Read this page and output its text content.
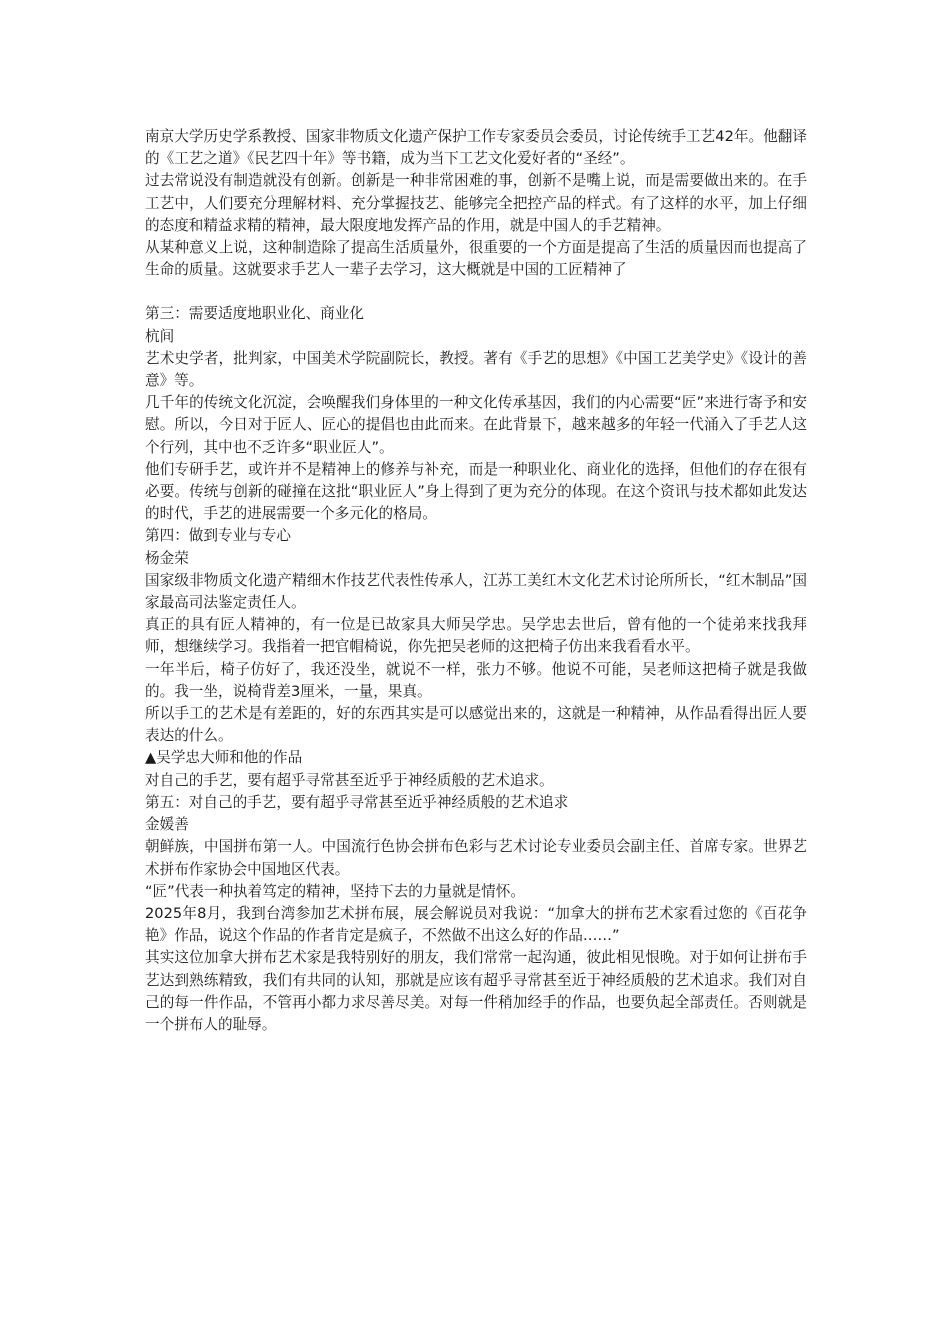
南京大学历史学系教授、国家非物质文化遗产保护工作专家委员会委员，讨论传统手工艺42年。他翻译的《工艺之道》《民艺四十年》等书籍，成为当下工艺文化爱好者的“圣经”。

过去常说没有制造就没有创新。创新是一种非常困难的事，创新不是嘴上说，而是需要做出来的。在手工艺中，人们要充分理解材料、充分掌握技艺、能够完全把控产品的样式。有了这样的水平，加上仔细的态度和精益求精的精神，最大限度地发挥产品的作用，就是中国人的手艺精神。

从某种意义上说，这种制造除了提高生活质量外，很重要的一个方面是提高了生活的质量因而也提高了生命的质量。这就要求手艺人一辈子去学习，这大概就是中国的工匠精神了

第三：需要适度地职业化、商业化

杭间

艺术史学者，批判家，中国美术学院副院长，教授。著有《手艺的思想》《中国工艺美学史》《设计的善意》等。

几千年的传统文化沉淀，会唤醒我们身体里的一种文化传承基因，我们的内心需要“匠”来进行寄予和安慰。所以，今日对于匠人、匠心的提倡也由此而来。在此背景下，越来越多的年轻一代涌入了手艺人这个行列，其中也不乏许多“职业匠人”。

他们专研手艺，或许并不是精神上的修养与补充，而是一种职业化、商业化的选择，但他们的存在很有必要。传统与创新的碰撞在这批“职业匠人”身上得到了更为充分的体现。在这个资讯与技术都如此发达的时代，手艺的进展需要一个多元化的格局。

第四：做到专业与专心

杨金荣

国家级非物质文化遗产精细木作技艺代表性传承人，江苏工美红木文化艺术讨论所所长，“红木制品”国家最高司法鉴定责任人。

真正的具有匠人精神的，有一位是已故家具大师吴学忠。吴学忠去世后，曾有他的一个徒弟来找我拜师，想继续学习。我指着一把官帽椅说，你先把吴老师的这把椅子仿出来我看看水平。

一年半后，椅子仿好了，我还没坐，就说不一样，张力不够。他说不可能，吴老师这把椅子就是我做的。我一坐，说椅背差3厘米，一量，果真。

所以手工的艺术是有差距的，好的东西其实是可以感觉出来的，这就是一种精神，从作品看得出匠人要表达的什么。

▲吴学忠大师和他的作品

对自己的手艺，要有超乎寻常甚至近乎于神经质般的艺术追求。

第五：对自己的手艺，要有超乎寻常甚至近乎神经质般的艺术追求

金媛善

朝鲜族，中国拼布第一人。中国流行色协会拼布色彩与艺术讨论专业委员会副主任、首席专家。世界艺术拼布作家协会中国地区代表。

“匠”代表一种执着笃定的精神，坚持下去的力量就是情怀。

2025年8月，我到台湾参加艺术拼布展，展会解说员对我说：“加拿大的拼布艺术家看过您的《百花争艳》作品，说这个作品的作者肯定是疯子，不然做不出这么好的作品……”

其实这位加拿大拼布艺术家是我特别好的朋友，我们常常一起沟通，彼此相见恨晚。对于如何让拼布手艺达到熟练精致，我们有共同的认知，那就是应该有超乎寻常甚至近于神经质般的艺术追求。我们对自己的每一件作品，不管再小都力求尽善尽美。对每一件稍加经手的作品，也要负起全部责任。否则就是一个拼布人的耻辱。
